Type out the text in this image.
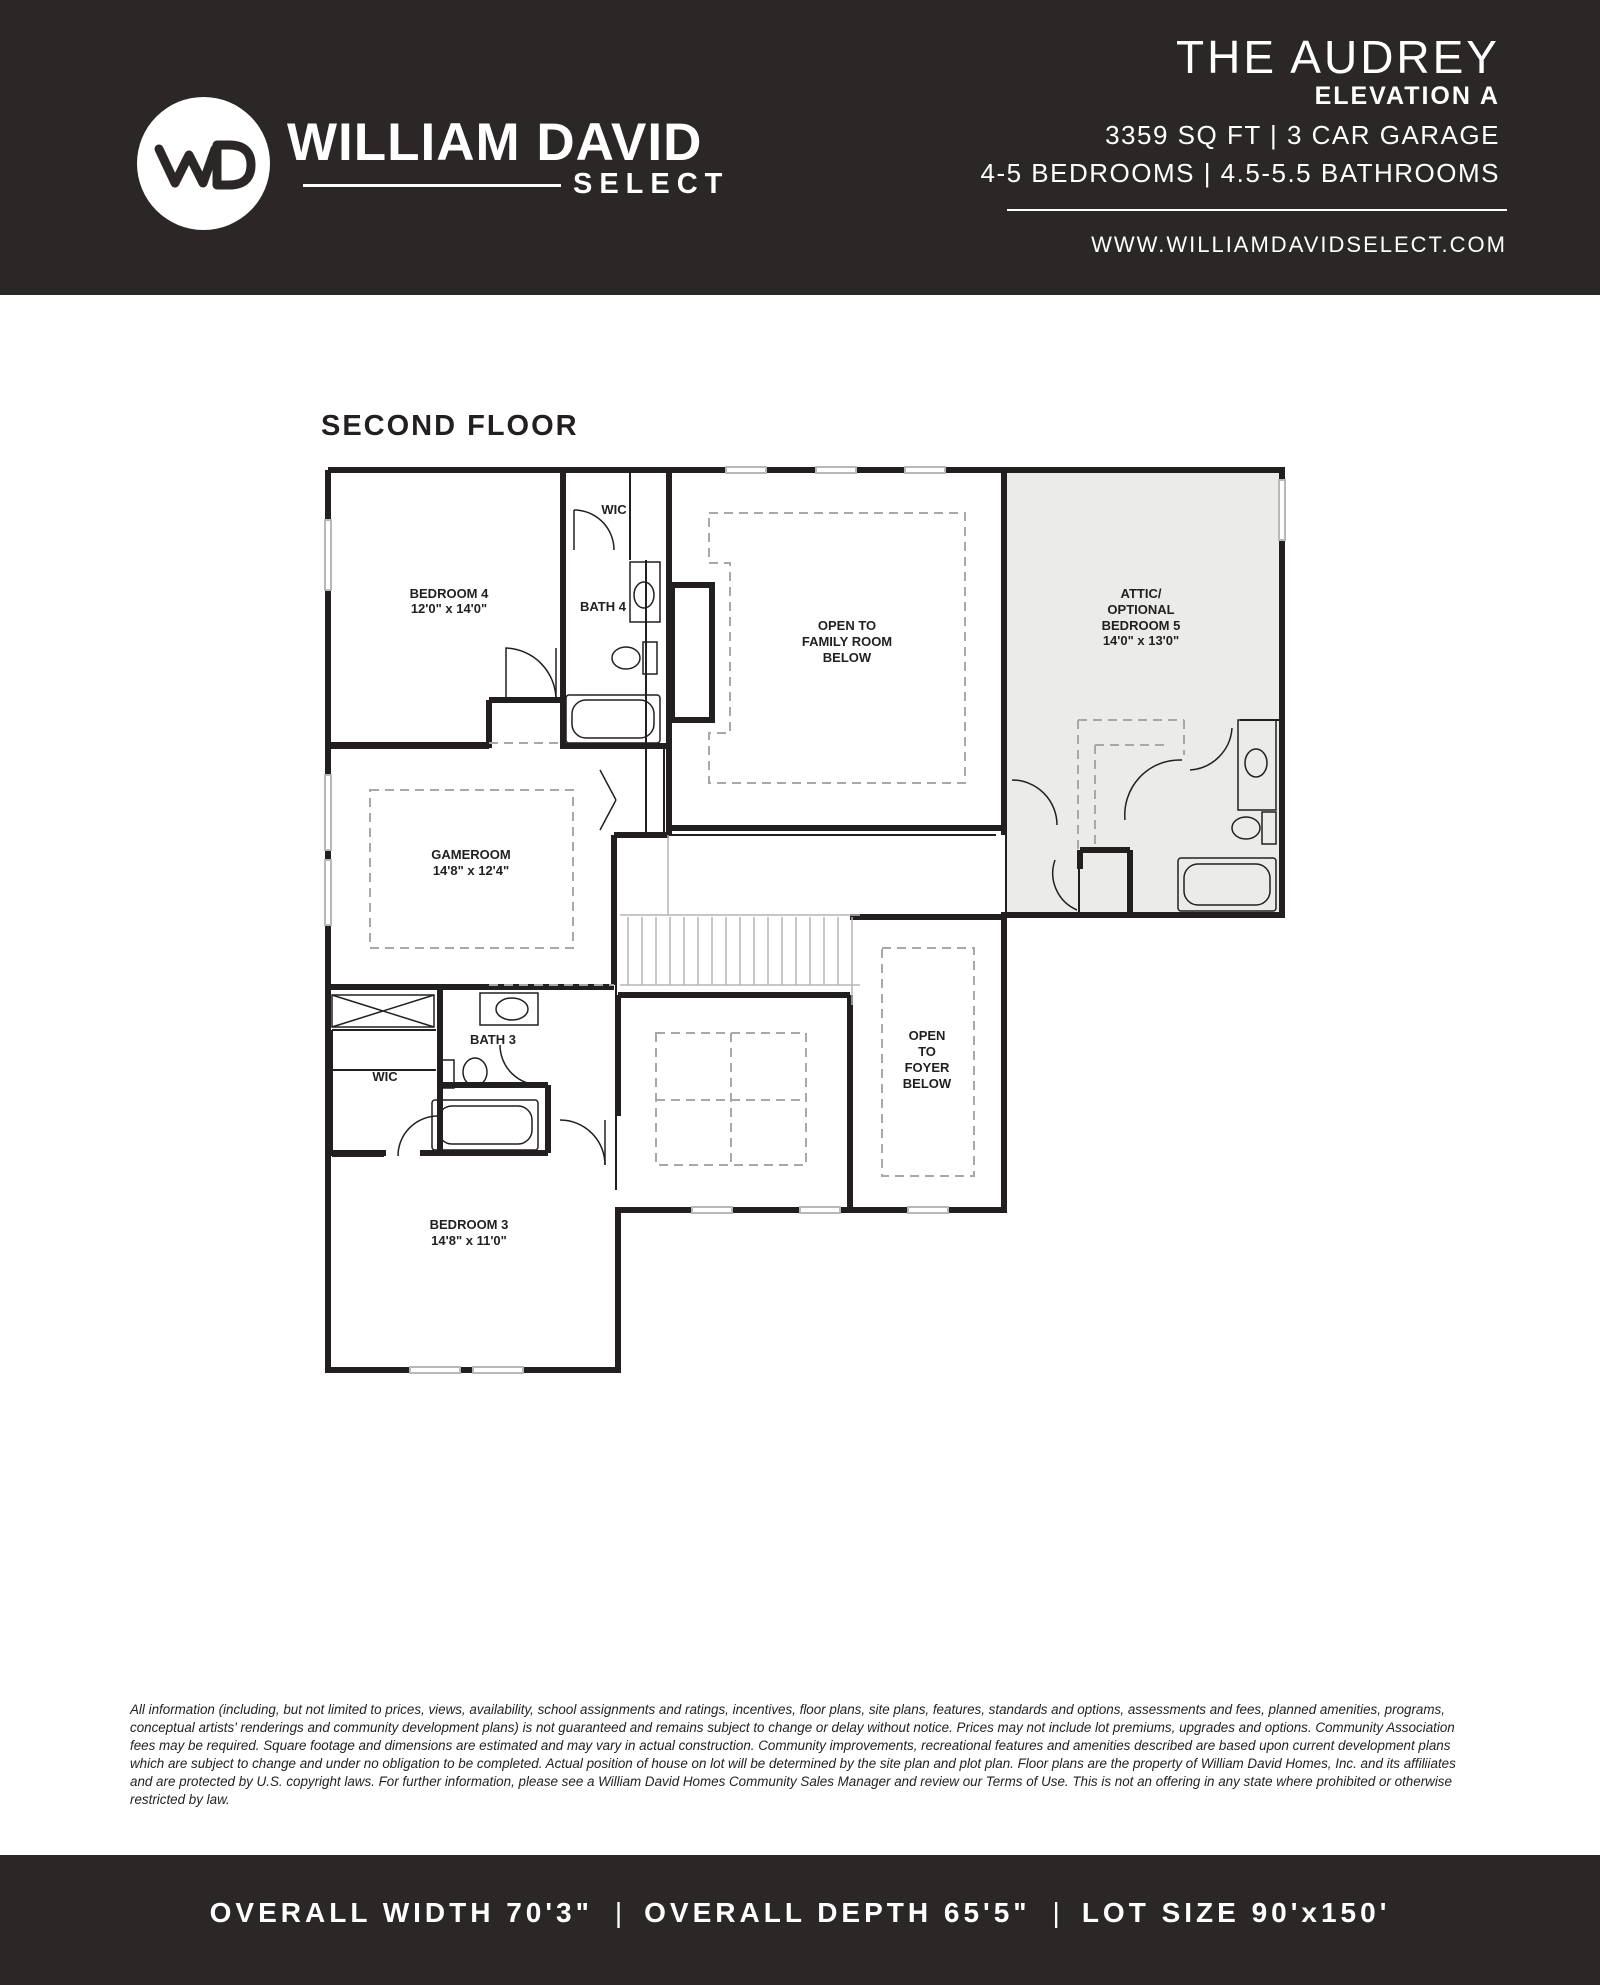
WILLIAM DAVID
SELECT
THE AUDREY
ELEVATION A
3359 SQ FT | 3 CAR GARAGE
4-5 BEDROOMS | 4.5-5.5 BATHROOMS
WWW.WILLIAMDAVIDSELECT.COM
SECOND FLOOR
BEDROOM 4
12'0" x 14'0"
WIC
BATH 4
OPEN TO
FAMILY ROOM
BELOW
ATTIC/
OPTIONAL
BEDROOM 5
14'0" x 13'0"
GAMEROOM
14'8" x 12'4"
BATH 3
WIC
OPEN
TO
FOYER
BELOW
BEDROOM 3
14'8" x 11'0"
All information (including, but not limited to prices, views, availability, school assignments and ratings, incentives, floor plans, site plans, features, standards and options, assessments and fees, planned amenities, programs, conceptual artists' renderings and community development plans) is not guaranteed and remains subject to change or delay without notice. Prices may not include lot premiums, upgrades and options. Community Association fees may be required. Square footage and dimensions are estimated and may vary in actual construction. Community improvements, recreational features and amenities described are based upon current development plans which are subject to change and under no obligation to be completed. Actual position of house on lot will be determined by the site plan and plot plan. Floor plans are the property of William David Homes, Inc. and its affiliiates and are protected by U.S. copyright laws. For further information, please see a William David Homes Community Sales Manager and review our Terms of Use. This is not an offering in any state where prohibited or otherwise restricted by law.
OVERALL WIDTH 70'3" | OVERALL DEPTH 65'5" | LOT SIZE 90'x150'
